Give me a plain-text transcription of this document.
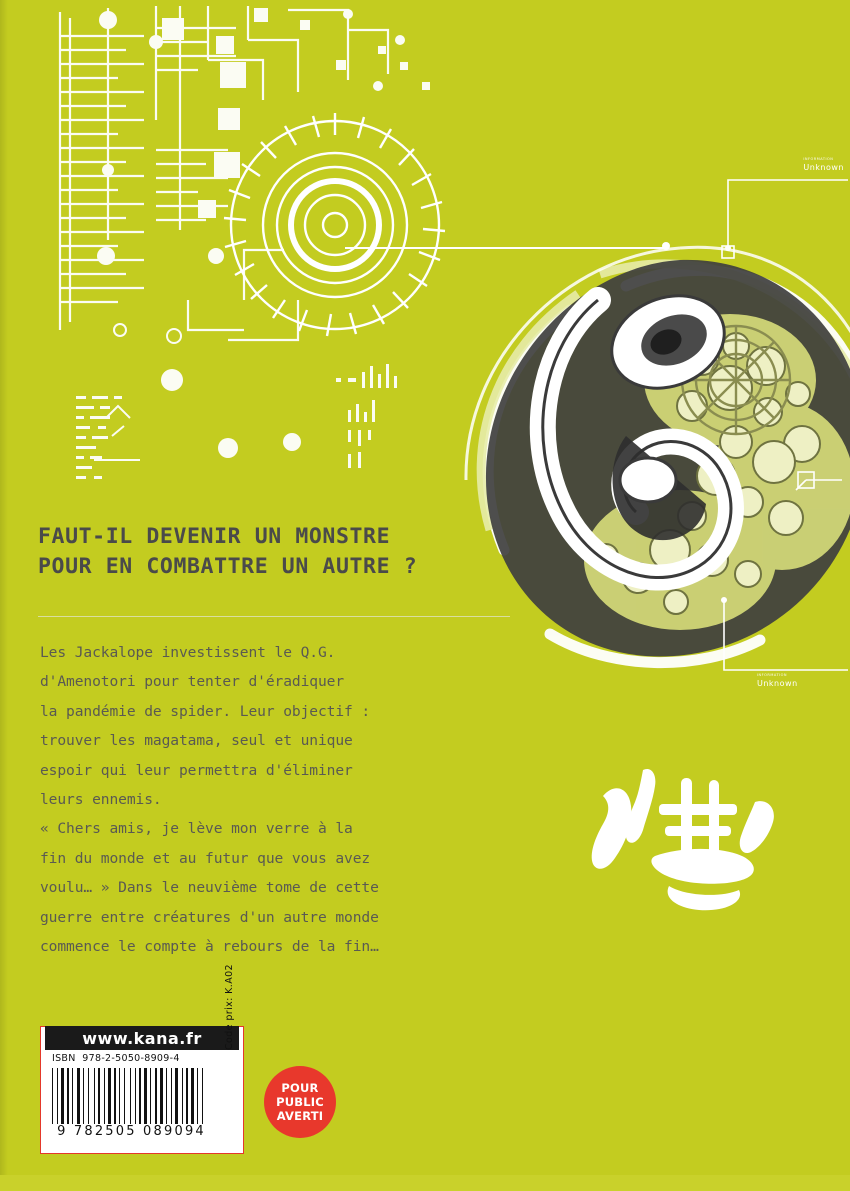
INFORMATION
Unknown
INFORMATION
Unknown
FAUT-IL DEVENIR UN MONSTRE
POUR EN COMBATTRE UN AUTRE ?

Les Jackalope investissent le Q.G.

d'Amenotori pour tenter d'éradiquer

la pandémie de spider. Leur objectif :

trouver les magatama, seul et unique

espoir qui leur permettra d'éliminer

leurs ennemis.

« Chers amis, je lève mon verre à la

fin du monde et au futur que vous avez

voulu… » Dans le neuvième tome de cette

guerre entre créatures d'un autre monde

commence le compte à rebours de la fin…

www.kana.fr
ISBN 978-2-5050-8909-4
9 782505 089094
Code prix: K.A02
POUR
PUBLIC
AVERTI
